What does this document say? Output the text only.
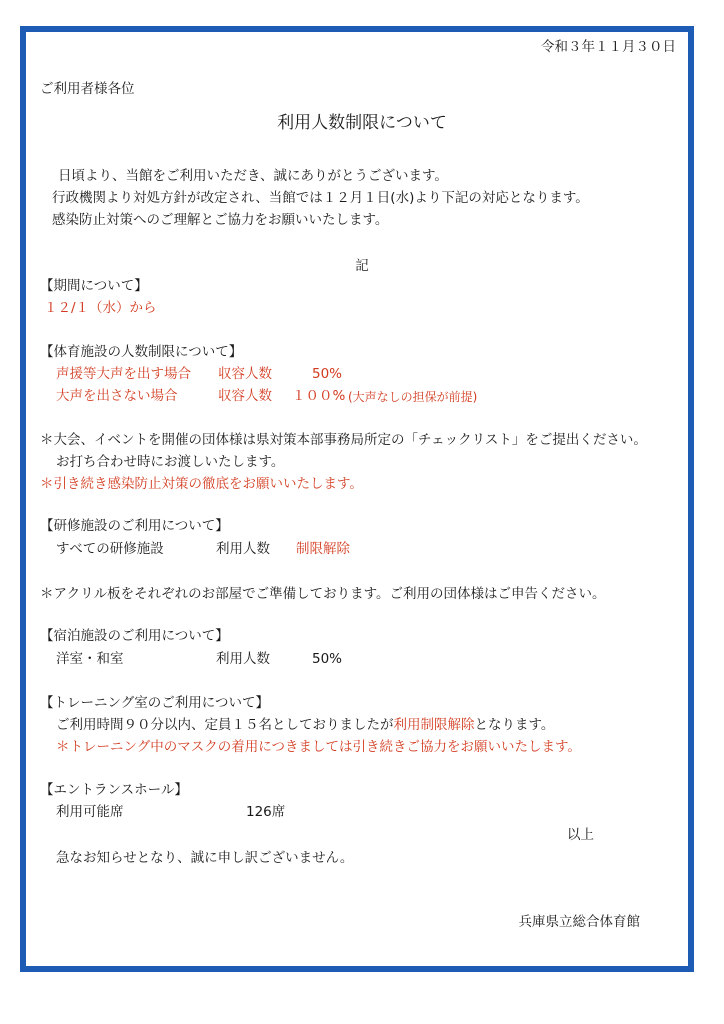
令和３年１１月３０日
ご利用者様各位
利用人数制限について
日頃より、当館をご利用いただき、誠にありがとうございます。
行政機関より対処方針が改定され、当館では１２月１日(水)より下記の対応となります。
感染防止対策へのご理解とご協力をお願いいたします。
記
【期間について】
１２/１（水）から
【体育施設の人数制限について】
声援等大声を出す場合 収容人数	50%
大声を出さない場合	収容人数 １００% (大声なしの担保が前提)
＊大会、イベントを開催の団体様は県対策本部事務局所定の「チェックリスト」をご提出ください。
お打ち合わせ時にお渡しいたします。
＊引き続き感染防止対策の徹底をお願いいたします。
【研修施設のご利用について】
すべての研修施設	利用人数 制限解除
＊アクリル板をそれぞれのお部屋でご準備しております。ご利用の団体様はご申告ください。
【宿泊施設のご利用について】
洋室・和室	利用人数	50%
【トレーニング室のご利用について】
ご利用時間９０分以内、定員１５名としておりましたが利用制限解除となります。
＊トレーニング中のマスクの着用につきましては引き続きご協力をお願いいたします。
【エントランスホール】
利用可能席	126席
以上
急なお知らせとなり、誠に申し訳ございません。
兵庫県立総合体育館
